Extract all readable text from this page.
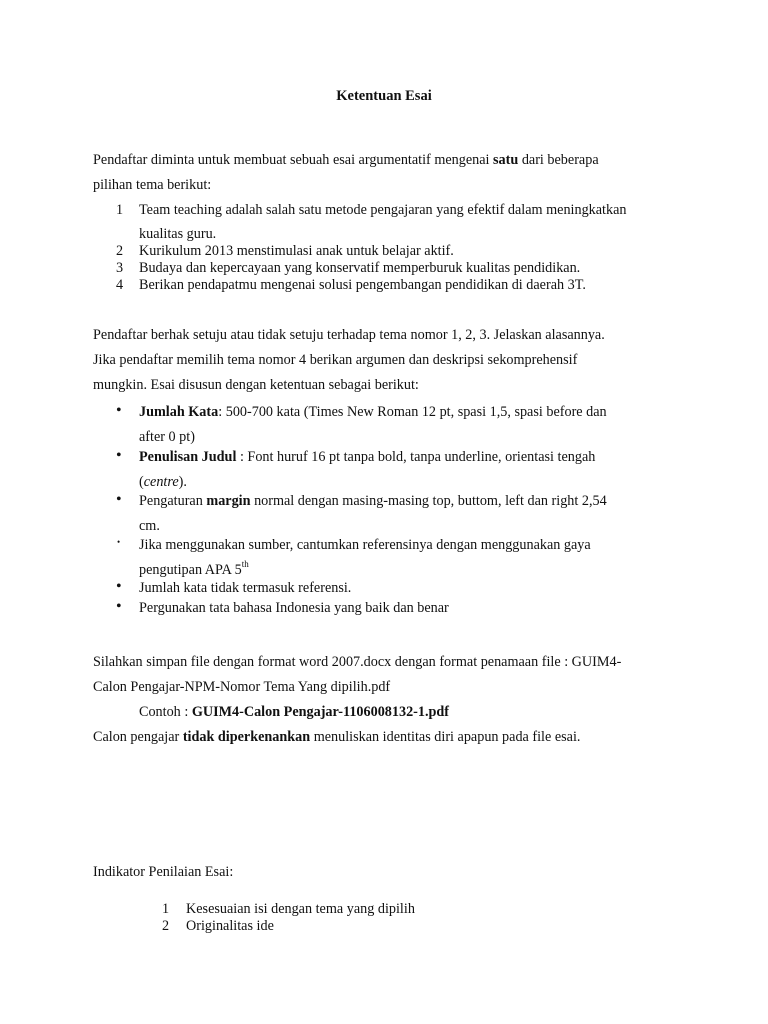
Ketentuan Esai
Pendaftar diminta untuk membuat sebuah esai argumentatif mengenai satu dari beberapa
pilihan tema berikut:
1	Team teaching adalah salah satu metode pengajaran yang efektif dalam meningkatkan
kualitas guru.
2	Kurikulum 2013 menstimulasi anak untuk belajar aktif.
3	Budaya dan kepercayaan yang konservatif memperburuk kualitas pendidikan.
4	Berikan pendapatmu mengenai solusi pengembangan pendidikan di daerah 3T.
Pendaftar berhak setuju atau tidak setuju terhadap tema nomor 1, 2, 3. Jelaskan alasannya.
Jika pendaftar memilih tema nomor 4 berikan argumen dan deskripsi sekomprehensif
mungkin. Esai disusun dengan ketentuan sebagai berikut:
• Jumlah Kata: 500-700 kata (Times New Roman 12 pt, spasi 1,5, spasi before dan
after 0 pt)
• Penulisan Judul : Font huruf 16 pt tanpa bold, tanpa underline, orientasi tengah
(centre).
• Pengaturan margin normal dengan masing-masing top, buttom, left dan right 2,54
cm.
• Jika menggunakan sumber, cantumkan referensinya dengan menggunakan gaya
pengutipan APA 5th
• Jumlah kata tidak termasuk referensi.
• Pergunakan tata bahasa Indonesia yang baik dan benar
Silahkan simpan file dengan format word 2007.docx dengan format penamaan file : GUIM4-
Calon Pengajar-NPM-Nomor Tema Yang dipilih.pdf
Contoh : GUIM4-Calon Pengajar-1106008132-1.pdf
Calon pengajar tidak diperkenankan menuliskan identitas diri apapun pada file esai.
Indikator Penilaian Esai:
1	Kesesuaian isi dengan tema yang dipilih
2	Originalitas ide
